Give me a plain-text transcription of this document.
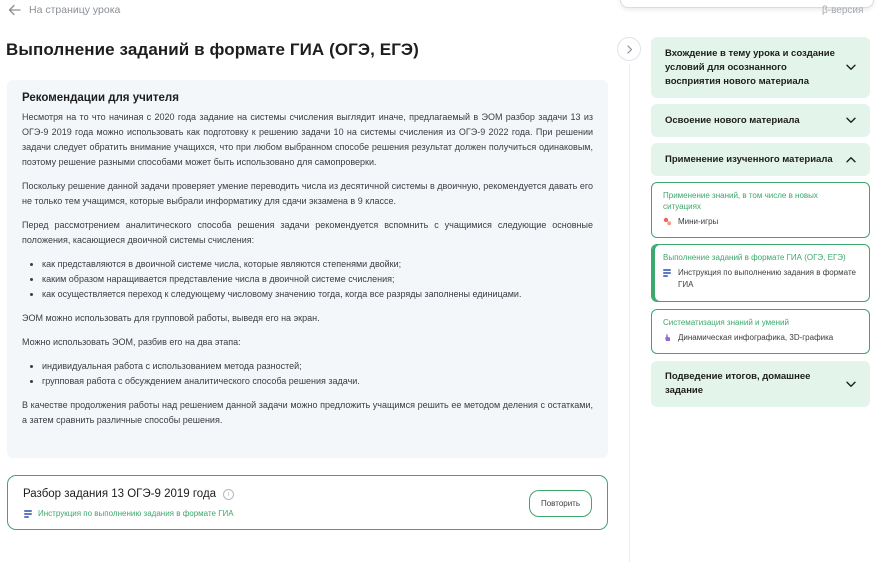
На страницу урока	β-версия
Выполнение заданий в формате ГИА (ОГЭ, ЕГЭ)
Рекомендации для учителя

Несмотря на то что начиная с 2020 года задание на системы счисления выглядит иначе, предлагаемый в ЭОМ разбор задачи 13 из ОГЭ-9 2019 года можно использовать как подготовку к решению задачи 10 на системы счисления из ОГЭ-9 2022 года. При решении задачи следует обратить внимание учащихся, что при любом выбранном способе решения результат должен получиться одинаковым, поэтому решение разными способами может быть использовано для самопроверки.

Поскольку решение данной задачи проверяет умение переводить числа из десятичной системы в двоичную, рекомендуется давать его не только тем учащимся, которые выбрали информатику для сдачи экзамена в 9 классе.

Перед рассмотрением аналитического способа решения задачи рекомендуется вспомнить с учащимися следующие основные положения, касающиеся двоичной системы счисления:

как представляются в двоичной системе числа, которые являются степенями двойки;
каким образом наращивается представление числа в двоичной системе счисления;
как осуществляется переход к следующему числовому значению тогда, когда все разряды заполнены единицами.

ЭОМ можно использовать для групповой работы, выведя его на экран.

Можно использовать ЭОМ, разбив его на два этапа:

индивидуальная работа с использованием метода разностей;
групповая работа с обсуждением аналитического способа решения задачи.

В качестве продолжения работы над решением данной задачи можно предложить учащимся решить ее методом деления с остатками, а затем сравнить различные способы решения.

Разбор задания 13 ОГЭ-9 2019 года	i
Инструкция по выполнению задания в формате ГИА
Повторить
Вхождение в тему урока и создание условий для осознанного восприятия нового материала
Освоение нового материала
Применение изученного материала
Применение знаний, в том числе в новых ситуациях
Мини-игры
Выполнение заданий в формате ГИА (ОГЭ, ЕГЭ)
Инструкция по выполнению задания в формате ГИА
Систематизация знаний и умений
Динамическая инфографика, 3D-графика
Подведение итогов, домашнее задание
